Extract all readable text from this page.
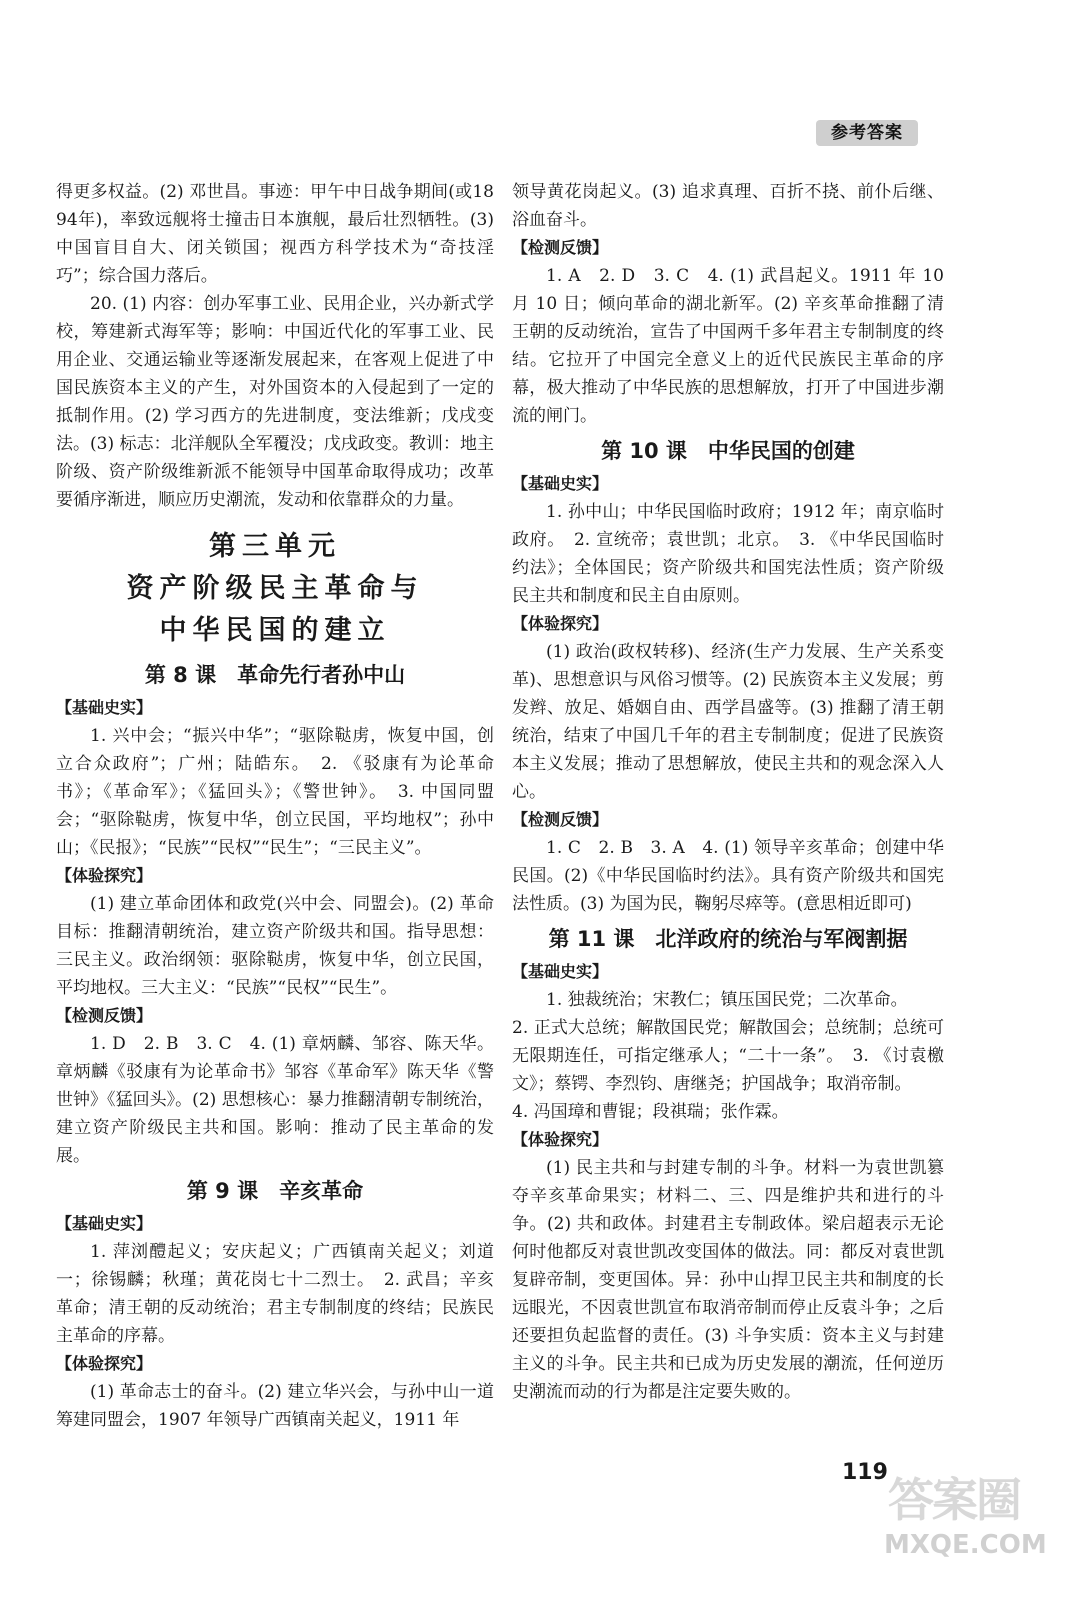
参考答案

得更多权益。(2) 邓世昌。事迹：甲午中日战争期间(或1894年)，率致远舰将士撞击日本旗舰，最后壮烈牺牲。(3) 中国盲目自大、闭关锁国；视西方科学技术为“奇技淫巧”；综合国力落后。

20. (1) 内容：创办军事工业、民用企业，兴办新式学校，筹建新式海军等；影响：中国近代化的军事工业、民用企业、交通运输业等逐渐发展起来，在客观上促进了中国民族资本主义的产生，对外国资本的入侵起到了一定的抵制作用。(2) 学习西方的先进制度，变法维新；戊戌变法。(3) 标志：北洋舰队全军覆没；戊戌政变。教训：地主阶级、资产阶级维新派不能领导中国革命取得成功；改革要循序渐进，顺应历史潮流，发动和依靠群众的力量。

第三单元

资产阶级民主革命与

中华民国的建立

第 8 课　革命先行者孙中山

【基础史实】

1. 兴中会；“振兴中华”；“驱除鞑虏，恢复中国，创立合众政府”；广州；陆皓东。　2. 《驳康有为论革命书》；《革命军》；《猛回头》；《警世钟》。　3. 中国同盟会；“驱除鞑虏，恢复中华，创立民国，平均地权”；孙中山；《民报》；“民族”“民权”“民生”；“三民主义”。

【体验探究】

(1) 建立革命团体和政党(兴中会、同盟会)。(2) 革命目标：推翻清朝统治，建立资产阶级共和国。指导思想：三民主义。政治纲领：驱除鞑虏，恢复中华，创立民国，平均地权。三大主义：“民族”“民权”“民生”。

【检测反馈】

1. D　2. B　3. C　4. (1) 章炳麟、邹容、陈天华。章炳麟《驳康有为论革命书》邹容《革命军》陈天华《警世钟》《猛回头》。(2) 思想核心：暴力推翻清朝专制统治，建立资产阶级民主共和国。影响：推动了民主革命的发展。

第 9 课　辛亥革命

【基础史实】

1. 萍浏醴起义；安庆起义；广西镇南关起义；刘道一；徐锡麟；秋瑾；黄花岗七十二烈士。　2. 武昌；辛亥革命；清王朝的反动统治；君主专制制度的终结；民族民主革命的序幕。

【体验探究】

(1) 革命志士的奋斗。(2) 建立华兴会，与孙中山一道筹建同盟会，1907 年领导广西镇南关起义，1911 年

领导黄花岗起义。(3) 追求真理、百折不挠、前仆后继、浴血奋斗。

【检测反馈】

1. A　2. D　3. C　4. (1) 武昌起义。1911 年 10 月 10 日；倾向革命的湖北新军。(2) 辛亥革命推翻了清王朝的反动统治，宣告了中国两千多年君主专制制度的终结。它拉开了中国完全意义上的近代民族民主革命的序幕，极大推动了中华民族的思想解放，打开了中国进步潮流的闸门。

第 10 课　中华民国的创建

【基础史实】

1. 孙中山；中华民国临时政府；1912 年；南京临时政府。　2. 宣统帝；袁世凯；北京。　3. 《中华民国临时约法》；全体国民；资产阶级共和国宪法性质；资产阶级民主共和制度和民主自由原则。

【体验探究】

(1) 政治(政权转移)、经济(生产力发展、生产关系变革)、思想意识与风俗习惯等。(2) 民族资本主义发展；剪发辫、放足、婚姻自由、西学昌盛等。(3) 推翻了清王朝统治，结束了中国几千年的君主专制制度；促进了民族资本主义发展；推动了思想解放，使民主共和的观念深入人心。

【检测反馈】

1. C　2. B　3. A　4. (1) 领导辛亥革命；创建中华民国。(2)《中华民国临时约法》。具有资产阶级共和国宪法性质。(3) 为国为民，鞠躬尽瘁等。(意思相近即可)

第 11 课　北洋政府的统治与军阀割据

【基础史实】

1. 独裁统治；宋教仁；镇压国民党；二次革命。

2. 正式大总统；解散国民党；解散国会；总统制；总统可无限期连任，可指定继承人；“二十一条”。　3. 《讨袁檄文》；蔡锷、李烈钧、唐继尧；护国战争；取消帝制。

4. 冯国璋和曹锟；段祺瑞；张作霖。

【体验探究】

(1) 民主共和与封建专制的斗争。材料一为袁世凯篡夺辛亥革命果实；材料二、三、四是维护共和进行的斗争。(2) 共和政体。封建君主专制政体。梁启超表示无论何时他都反对袁世凯改变国体的做法。同：都反对袁世凯复辟帝制，变更国体。异：孙中山捍卫民主共和制度的长远眼光，不因袁世凯宣布取消帝制而停止反袁斗争；之后还要担负起监督的责任。(3) 斗争实质：资本主义与封建主义的斗争。民主共和已成为历史发展的潮流，任何逆历史潮流而动的行为都是注定要失败的。

119
答案圈
MXQE.COM
